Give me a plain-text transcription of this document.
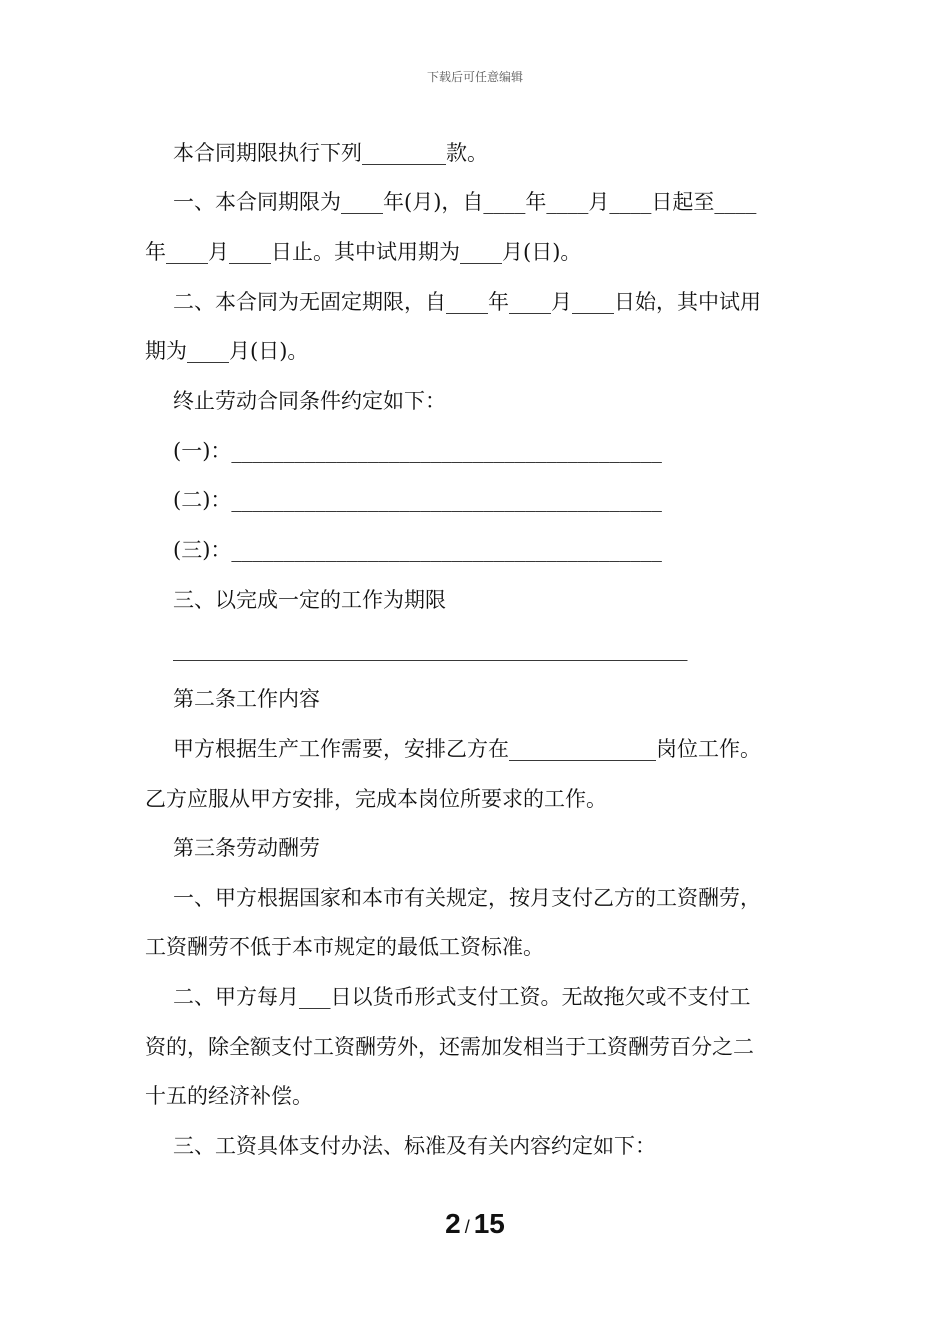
下载后可任意编辑
本合同期限执行下列________款。
一、本合同期限为____年(月)，自____年____月____日起至____
年____月____日止。其中试用期为____月(日)。
二、本合同为无固定期限，自____年____月____日始，其中试用
期为____月(日)。
终止劳动合同条件约定如下：
(一)：_________________________________________
(二)：_________________________________________
(三)：_________________________________________
三、以完成一定的工作为期限
_________________________________________________
第二条工作内容
甲方根据生产工作需要，安排乙方在______________岗位工作。
乙方应服从甲方安排，完成本岗位所要求的工作。
第三条劳动酬劳
一、甲方根据国家和本市有关规定，按月支付乙方的工资酬劳，
工资酬劳不低于本市规定的最低工资标准。
二、甲方每月___日以货币形式支付工资。无故拖欠或不支付工
资的，除全额支付工资酬劳外，还需加发相当于工资酬劳百分之二
十五的经济补偿。
三、工资具体支付办法、标准及有关内容约定如下：
2 / 15
